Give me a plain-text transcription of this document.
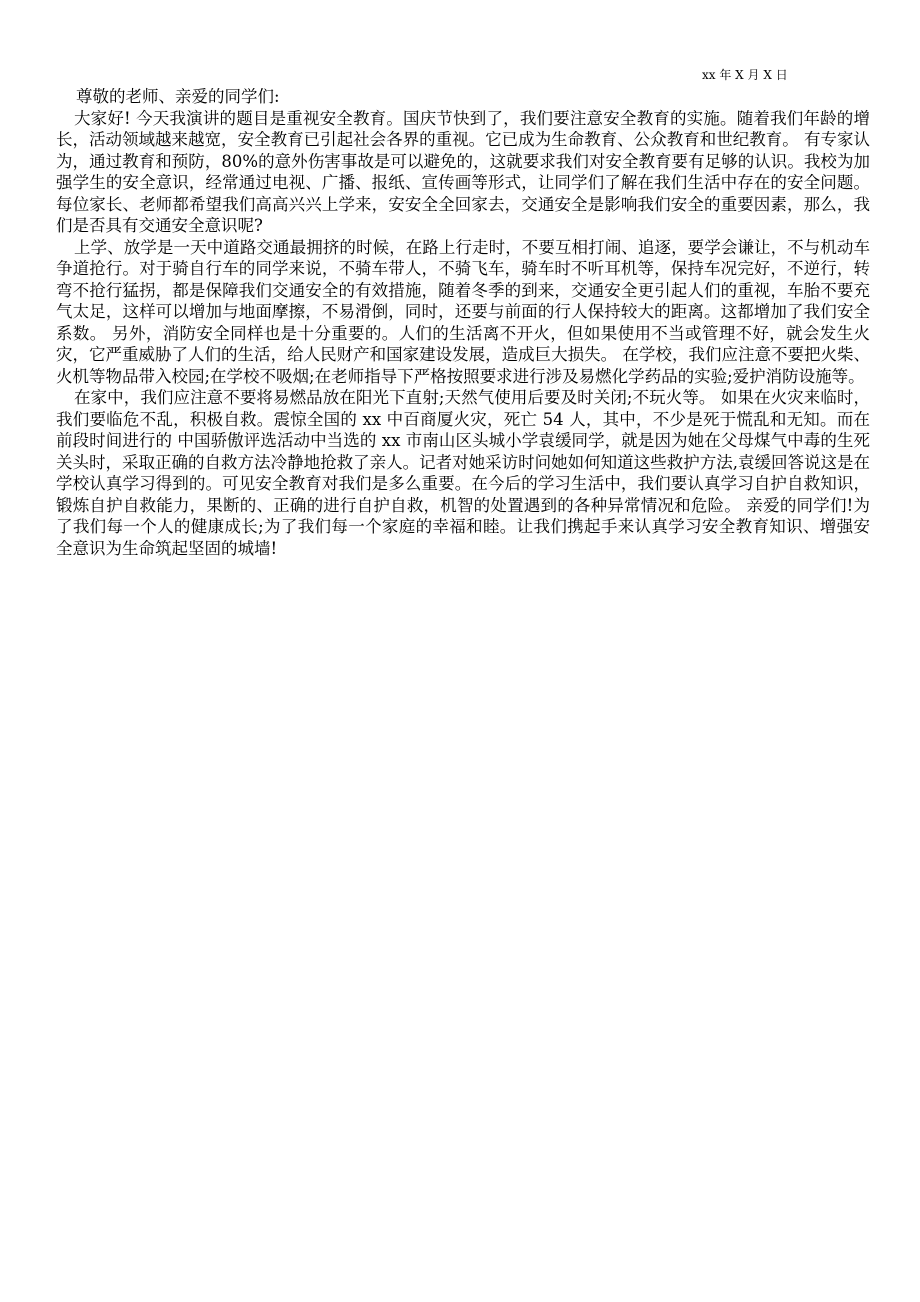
xx 年 X 月 X 日

尊敬的老师、亲爱的同学们:

大家好! 今天我演讲的题目是重视安全教育。国庆节快到了，我们要注意安全教育的实施。随着我们年龄的增长，活动领域越来越宽，安全教育已引起社会各界的重视。它已成为生命教育、公众教育和世纪教育。 有专家认为，通过教育和预防，80%的意外伤害事故是可以避免的，这就要求我们对安全教育要有足够的认识。我校为加强学生的安全意识，经常通过电视、广播、报纸、宣传画等形式，让同学们了解在我们生活中存在的安全问题。 每位家长、老师都希望我们高高兴兴上学来，安安全全回家去，交通安全是影响我们安全的重要因素，那么，我们是否具有交通安全意识呢?

上学、放学是一天中道路交通最拥挤的时候，在路上行走时，不要互相打闹、追逐，要学会谦让，不与机动车争道抢行。对于骑自行车的同学来说，不骑车带人，不骑飞车，骑车时不听耳机等，保持车况完好，不逆行，转弯不抢行猛拐，都是保障我们交通安全的有效措施，随着冬季的到来，交通安全更引起人们的重视，车胎不要充气太足，这样可以增加与地面摩擦，不易滑倒，同时，还要与前面的行人保持较大的距离。这都增加了我们安全系数。 另外，消防安全同样也是十分重要的。人们的生活离不开火，但如果使用不当或管理不好，就会发生火灾，它严重威胁了人们的生活，给人民财产和国家建设发展，造成巨大损失。 在学校，我们应注意不要把火柴、火机等物品带入校园;在学校不吸烟;在老师指导下严格按照要求进行涉及易燃化学药品的实验;爱护消防设施等。

在家中，我们应注意不要将易燃品放在阳光下直射;天然气使用后要及时关闭;不玩火等。 如果在火灾来临时，我们要临危不乱，积极自救。震惊全国的 xx 中百商厦火灾，死亡 54 人，其中，不少是死于慌乱和无知。而在前段时间进行的 中国骄傲评选活动中当选的 xx 市南山区头城小学袁缓同学，就是因为她在父母煤气中毒的生死关头时，采取正确的自救方法冷静地抢救了亲人。记者对她采访时问她如何知道这些救护方法,袁缓回答说这是在学校认真学习得到的。可见安全教育对我们是多么重要。在今后的学习生活中，我们要认真学习自护自救知识，锻炼自护自救能力，果断的、正确的进行自护自救，机智的处置遇到的各种异常情况和危险。 亲爱的同学们!为了我们每一个人的健康成长;为了我们每一个家庭的幸福和睦。让我们携起手来认真学习安全教育知识、增强安全意识为生命筑起坚固的城墙!
